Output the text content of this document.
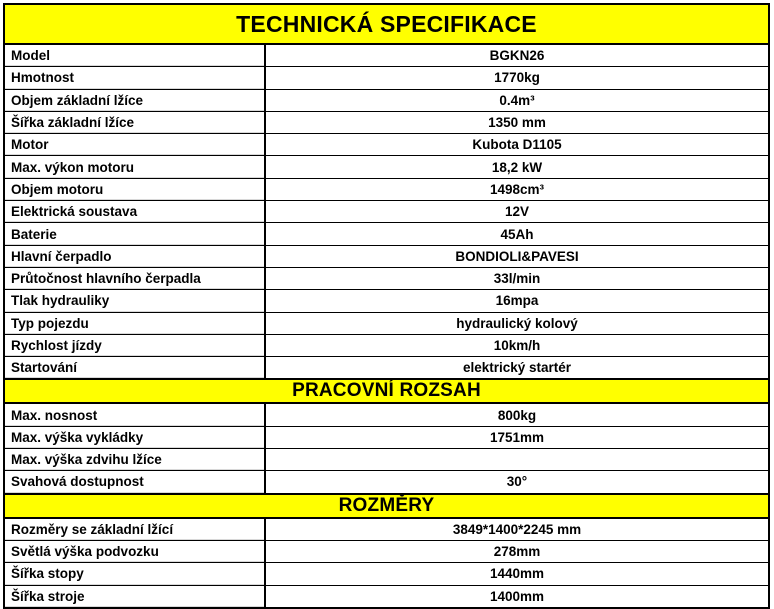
TECHNICKÁ SPECIFIKACE
Model	BGKN26
Hmotnost	1770kg
Objem základní lžíce	0.4m³
Šířka základní lžíce	1350 mm
Motor	Kubota D1105
Max. výkon motoru	18,2 kW
Objem motoru	1498cm³
Elektrická soustava	12V
Baterie	45Ah
Hlavní čerpadlo	BONDIOLI&PAVESI
Průtočnost hlavního čerpadla	33l/min
Tlak hydrauliky	16mpa
Typ pojezdu	hydraulický kolový
Rychlost jízdy	10km/h
Startování	elektrický startér
PRACOVNÍ ROZSAH
Max. nosnost	800kg
Max. výška vykládky	1751mm
Max. výška zdvihu lžíce
Svahová dostupnost	30°
ROZMĚRY
Rozměry se základní lžící	3849*1400*2245 mm
Světlá výška podvozku	278mm
Šířka stopy	1440mm
Šířka stroje	1400mm
